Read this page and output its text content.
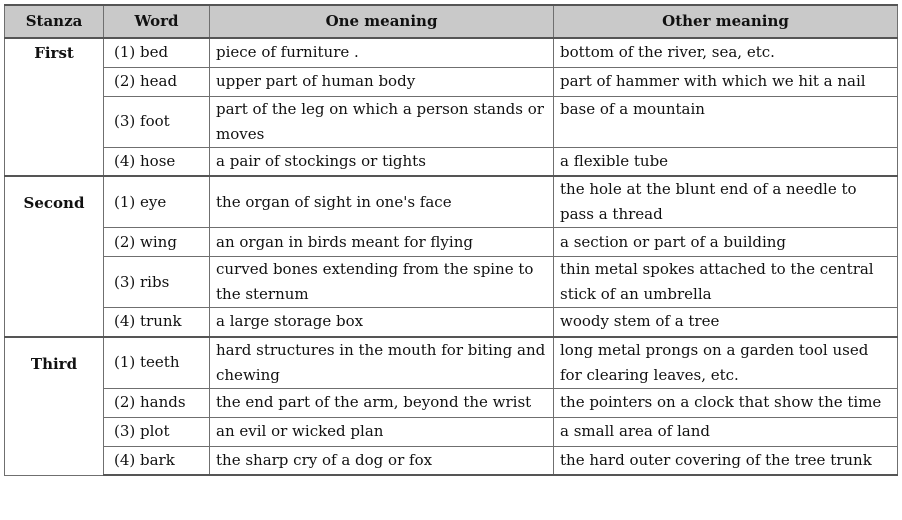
Stanza	Word	One meaning	Other meaning
First	(1) bed	piece of furniture .	bottom of the river, sea, etc.
	(2) head	upper part of human body	part of hammer with which we hit a nail
	(3) foot	part of the leg on which a person stands or moves	base of a mountain
	(4) hose	a pair of stockings or tights	a flexible tube
Second	(1) eye	the organ of sight in one's face	the hole at the blunt end of a needle to pass a thread
	(2) wing	an organ in birds meant for flying	a section or part of a building
	(3) ribs	curved bones extending from the spine to the sternum	thin metal spokes attached to the central stick of an umbrella
	(4) trunk	a large storage box	woody stem of a tree
Third	(1) teeth	hard structures in the mouth for biting and chewing	long metal prongs on a garden tool used for clearing leaves, etc.
	(2) hands	the end part of the arm, beyond the wrist	the pointers on a clock that show the time
	(3) plot	an evil or wicked plan	a small area of land
	(4) bark	the sharp cry of a dog or fox	the hard outer covering of the tree trunk
